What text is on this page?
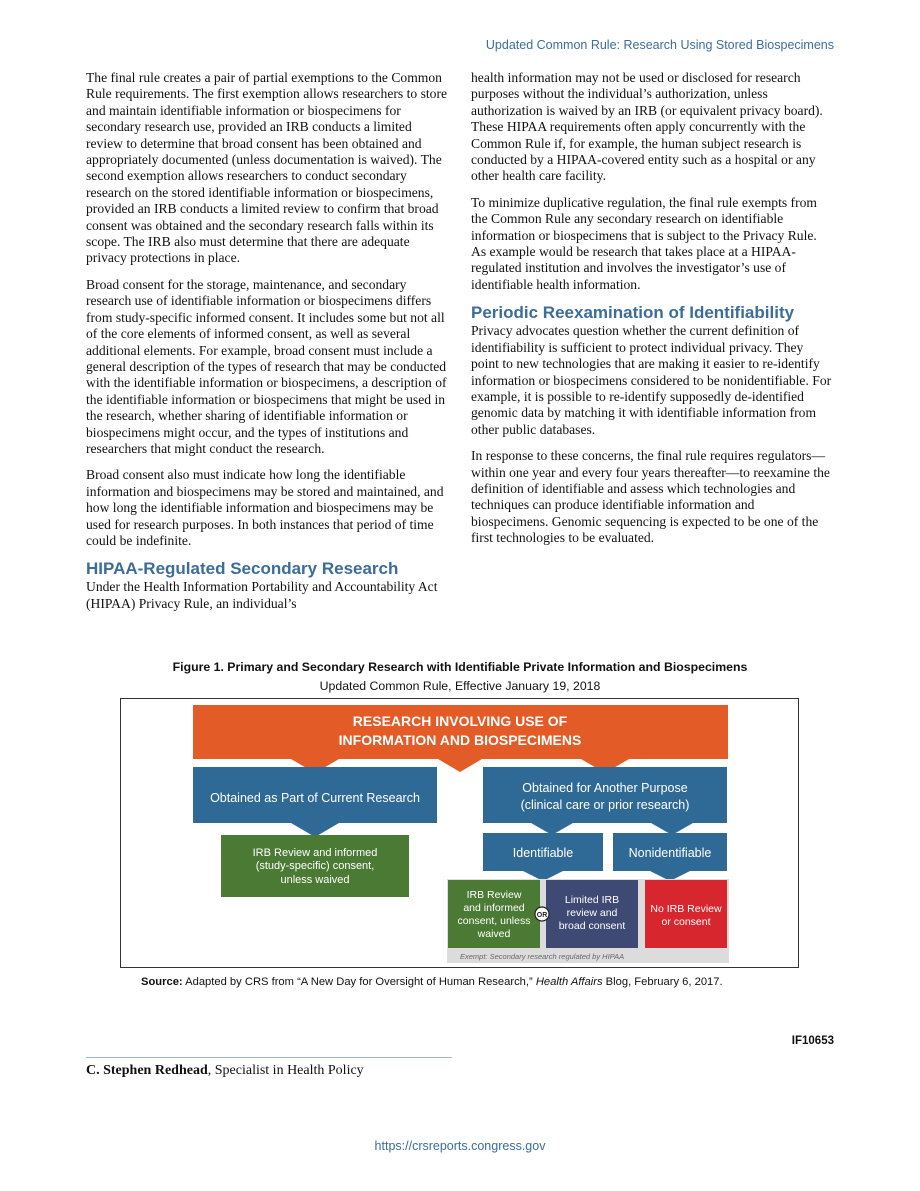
Updated Common Rule: Research Using Stored Biospecimens

The final rule creates a pair of partial exemptions to the Common Rule requirements. The first exemption allows researchers to store and maintain identifiable information or biospecimens for secondary research use, provided an IRB conducts a limited review to determine that broad consent has been obtained and appropriately documented (unless documentation is waived). The second exemption allows researchers to conduct secondary research on the stored identifiable information or biospecimens, provided an IRB conducts a limited review to confirm that broad consent was obtained and the secondary research falls within its scope. The IRB also must determine that there are adequate privacy protections in place.

Broad consent for the storage, maintenance, and secondary research use of identifiable information or biospecimens differs from study-specific informed consent. It includes some but not all of the core elements of informed consent, as well as several additional elements. For example, broad consent must include a general description of the types of research that may be conducted with the identifiable information or biospecimens, a description of the identifiable information or biospecimens that might be used in the research, whether sharing of identifiable information or biospecimens might occur, and the types of institutions and researchers that might conduct the research.

Broad consent also must indicate how long the identifiable information and biospecimens may be stored and maintained, and how long the identifiable information and biospecimens may be used for research purposes. In both instances that period of time could be indefinite.

HIPAA-Regulated Secondary Research

Under the Health Information Portability and Accountability Act (HIPAA) Privacy Rule, an individual’s

health information may not be used or disclosed for research purposes without the individual’s authorization, unless authorization is waived by an IRB (or equivalent privacy board). These HIPAA requirements often apply concurrently with the Common Rule if, for example, the human subject research is conducted by a HIPAA-covered entity such as a hospital or any other health care facility.

To minimize duplicative regulation, the final rule exempts from the Common Rule any secondary research on identifiable information or biospecimens that is subject to the Privacy Rule. As example would be research that takes place at a HIPAA-regulated institution and involves the investigator’s use of identifiable health information.

Periodic Reexamination of Identifiability

Privacy advocates question whether the current definition of identifiability is sufficient to protect individual privacy. They point to new technologies that are making it easier to re-identify information or biospecimens considered to be nonidentifiable. For example, it is possible to re-identify supposedly de-identified genomic data by matching it with identifiable information from other public databases.

In response to these concerns, the final rule requires regulators—within one year and every four years thereafter—to reexamine the definition of identifiable and assess which technologies and techniques can produce identifiable information and biospecimens. Genomic sequencing is expected to be one of the first technologies to be evaluated.

Figure 1. Primary and Secondary Research with Identifiable Private Information and Biospecimens
Updated Common Rule, Effective January 19, 2018
RESEARCH INVOLVING USE OF
INFORMATION AND BIOSPECIMENS
Obtained as Part of Current Research
Obtained for Another Purpose
(clinical care or prior research)
IRB Review and informed
(study-specific) consent,
unless waived
Identifiable	Nonidentifiable
Exempt: Secondary research regulated by HIPAA
IRB Review
and informed
consent, unless
waived
Limited IRB
review and
broad consent
OR
No IRB Review
or consent
Source: Adapted by CRS from “A New Day for Oversight of Human Research,” Health Affairs Blog, February 6, 2017.
IF10653
C. Stephen Redhead, Specialist in Health Policy
https://crsreports.congress.gov
